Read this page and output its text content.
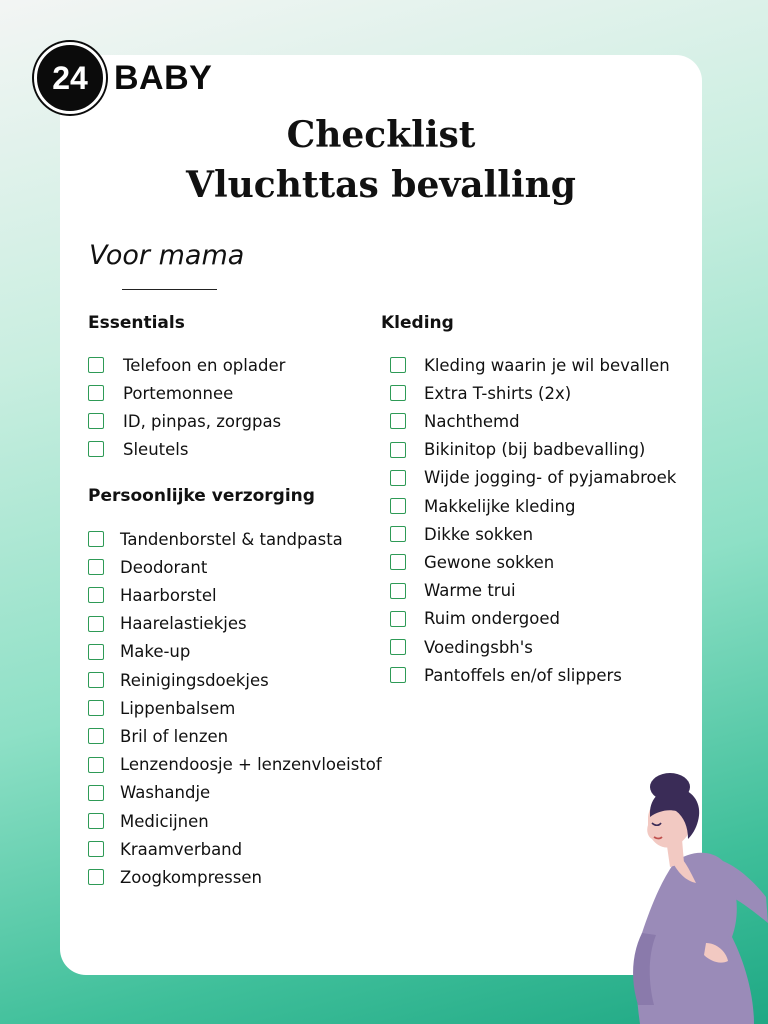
24 BABY
Checklist
Vluchttas bevalling
Voor mama
Essentials
Persoonlijke verzorging
Kleding
Telefoon en oplader
Portemonnee
ID, pinpas, zorgpas
Sleutels
Tandenborstel & tandpasta
Deodorant
Haarborstel
Haarelastiekjes
Make-up
Reinigingsdoekjes
Lippenbalsem
Bril of lenzen
Lenzendoosje + lenzenvloeistof
Washandje
Medicijnen
Kraamverband
Zoogkompressen
Kleding waarin je wil bevallen
Extra T-shirts (2x)
Nachthemd
Bikinitop (bij badbevalling)
Wijde jogging- of pyjamabroek
Makkelijke kleding
Dikke sokken
Gewone sokken
Warme trui
Ruim ondergoed
Voedingsbh's
Pantoffels en/of slippers
